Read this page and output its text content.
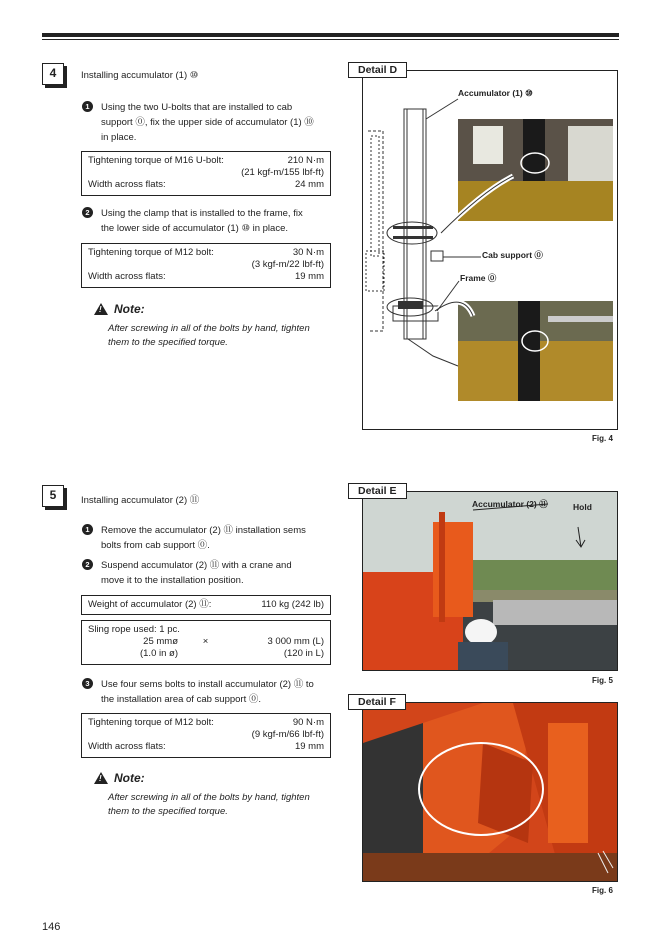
4	Installing accumulator (1) ⑩
1	Using the two U-bolts that are installed to cab
support ⓪, fix the upper side of accumulator (1) ⑩
in place.
Tightening torque of M16 U-bolt:	210 N·m
(21 kgf-m/155 lbf-ft)
Width across flats:	24 mm
2	Using the clamp that is installed to the frame, fix
the lower side of accumulator (1) ⑩ in place.
Tightening torque of M12 bolt:	30 N·m
(3 kgf-m/22 lbf-ft)
Width across flats:	19 mm
!
Note:
After screwing in all of the bolts by hand, tighten
them to the specified torque.
Detail D
Accumulator (1) ⑩
Cab support ⓪
Frame ⓪
Fig. 4
5	Installing accumulator (2) ⑪
1	Remove the accumulator (2) ⑪ installation sems
bolts from cab support ⓪.
2	Suspend accumulator (2) ⑪ with a crane and
move it to the installation position.
Weight of accumulator (2) ⑪:	110 kg (242 lb)
Sling rope used: 1 pc.
25 mmø	×	3 000 mm (L)
(1.0 in ø)	(120 in L)
3	Use four sems bolts to install accumulator (2) ⑪ to
the installation area of cab support ⓪.
Tightening torque of M12 bolt:	90 N·m
(9 kgf-m/66 lbf-ft)
Width across flats:	19 mm
!
Note:
After screwing in all of the bolts by hand, tighten
them to the specified torque.
Detail E
Accumulator (2) ⑪	Hold
Fig. 5
Detail F
Fig. 6
146
